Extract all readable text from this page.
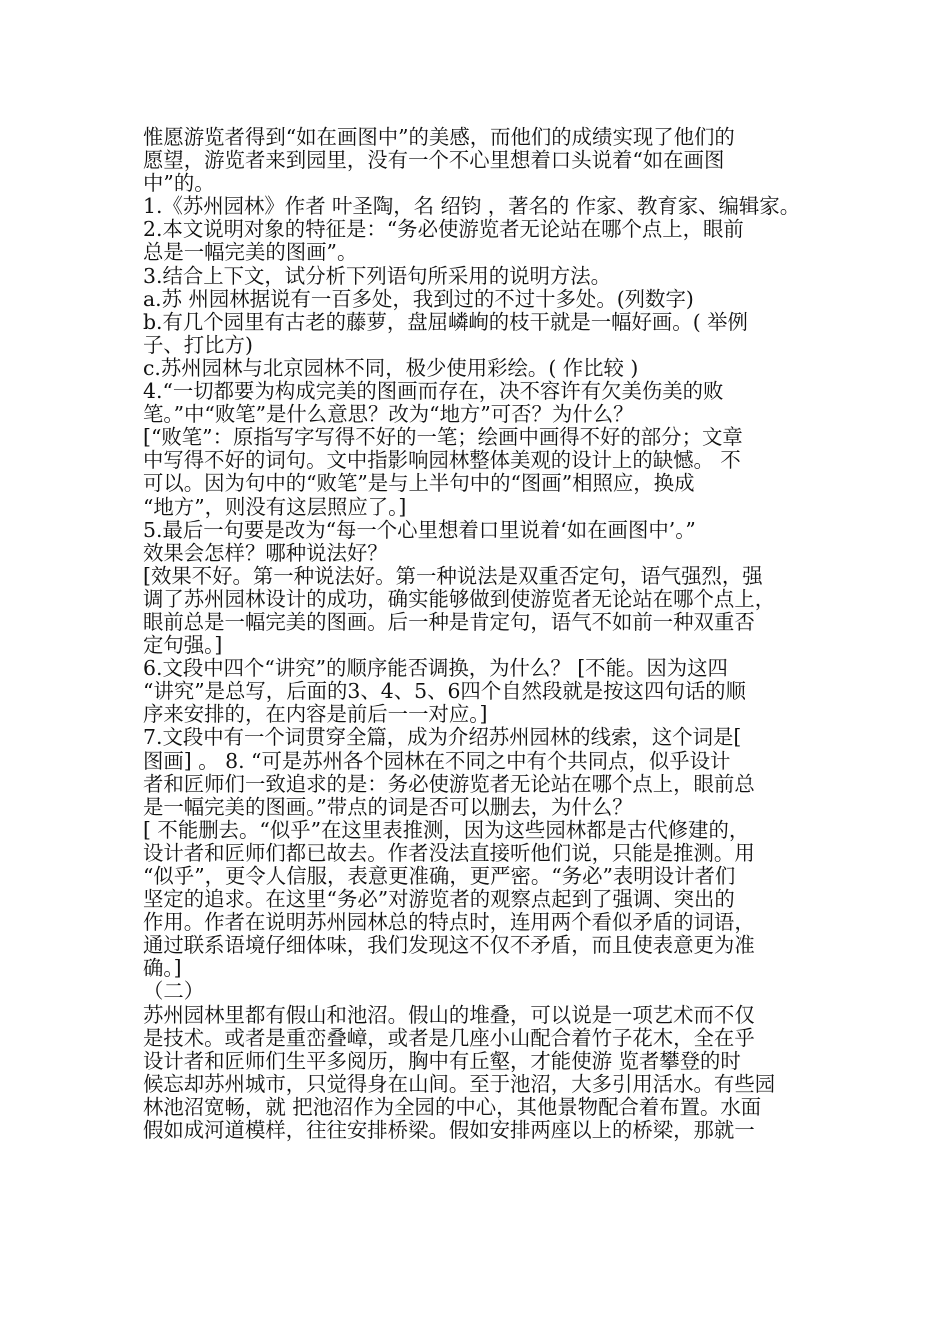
惟愿游览者得到“如在画图中”的美感，而他们的成绩实现了他们的
愿望，游览者来到园里，没有一个不心里想着口头说着“如在画图
中”的。
1.《苏州园林》作者 叶圣陶，名 绍钧 ，著名的 作家、教育家、编辑家。
2.本文说明对象的特征是：“务必使游览者无论站在哪个点上，眼前
总是一幅完美的图画”。
3.结合上下文，试分析下列语句所采用的说明方法。
a.苏 州园林据说有一百多处，我到过的不过十多处。(列数字)
b.有几个园里有古老的藤萝，盘屈嶙峋的枝干就是一幅好画。( 举例
子、打比方)
c.苏州园林与北京园林不同，极少使用彩绘。( 作比较 )
4.“一切都要为构成完美的图画而存在，决不容许有欠美伤美的败
笔。”中“败笔”是什么意思？改为“地方”可否？为什么？
[“败笔”：原指写字写得不好的一笔；绘画中画得不好的部分；文章
中写得不好的词句。文中指影响园林整体美观的设计上的缺憾。 不
可以。因为句中的“败笔”是与上半句中的“图画”相照应，换成
“地方”，则没有这层照应了。]
5.最后一句要是改为“每一个心里想着口里说着‘如在画图中’。”
效果会怎样？哪种说法好？
[效果不好。第一种说法好。第一种说法是双重否定句，语气强烈，强
调了苏州园林设计的成功，确实能够做到使游览者无论站在哪个点上，
眼前总是一幅完美的图画。后一种是肯定句，语气不如前一种双重否
定句强。]
6.文段中四个“讲究”的顺序能否调换，为什么？ [不能。因为这四
“讲究”是总写，后面的3、4、5、6四个自然段就是按这四句话的顺
序来安排的，在内容是前后一一对应。]
7.文段中有一个词贯穿全篇，成为介绍苏州园林的线索，这个词是[
图画] 。 8. “可是苏州各个园林在不同之中有个共同点，似乎设计
者和匠师们一致追求的是：务必使游览者无论站在哪个点上，眼前总
是一幅完美的图画。”带点的词是否可以删去，为什么？
[ 不能删去。“似乎”在这里表推测，因为这些园林都是古代修建的，
设计者和匠师们都已故去。作者没法直接听他们说，只能是推测。用
“似乎”，更令人信服，表意更准确，更严密。“务必”表明设计者们
坚定的追求。在这里“务必”对游览者的观察点起到了强调、突出的
作用。作者在说明苏州园林总的特点时，连用两个看似矛盾的词语，
通过联系语境仔细体味，我们发现这不仅不矛盾，而且使表意更为准
确。]
（二）
苏州园林里都有假山和池沼。假山的堆叠，可以说是一项艺术而不仅
是技术。或者是重峦叠嶂，或者是几座小山配合着竹子花木，全在乎
设计者和匠师们生平多阅历，胸中有丘壑，才能使游 览者攀登的时
候忘却苏州城市，只觉得身在山间。至于池沼，大多引用活水。有些园
林池沼宽畅，就 把池沼作为全园的中心，其他景物配合着布置。水面
假如成河道模样，往往安排桥梁。假如安排两座以上的桥梁，那就一
